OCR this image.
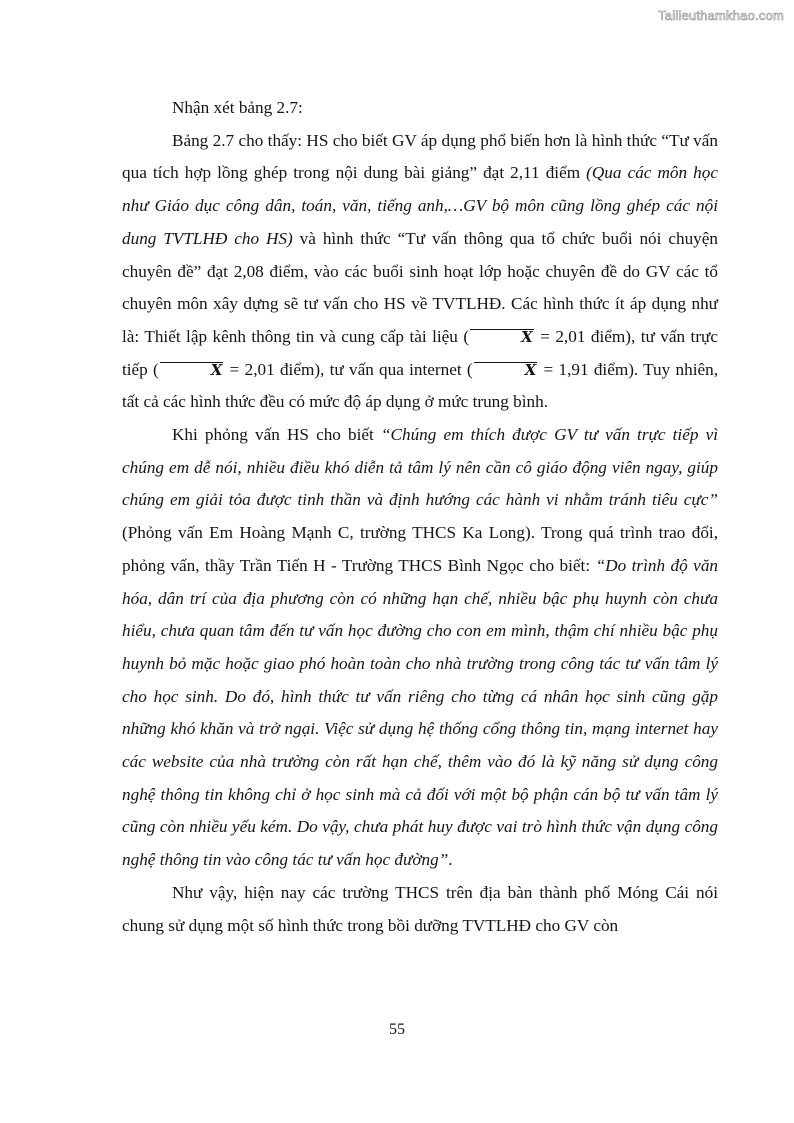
Tailieuthamkhao.com

Nhận xét bảng 2.7:

Bảng 2.7 cho thấy: HS cho biết GV áp dụng phổ biến hơn là hình thức “Tư vấn qua tích hợp lồng ghép trong nội dung bài giảng” đạt 2,11 điểm (Qua các môn học như Giáo dục công dân, toán, văn, tiếng anh,…GV bộ môn cũng lồng ghép các nội dung TVTLHĐ cho HS) và hình thức “Tư vấn thông qua tổ chức buổi nói chuyện chuyên đề” đạt 2,08 điểm, vào các buổi sinh hoạt lớp hoặc chuyên đề do GV các tổ chuyên môn xây dựng sẽ tư vấn cho HS về TVTLHĐ. Các hình thức ít áp dụng như là: Thiết lập kênh thông tin và cung cấp tài liệu (	X = 2,01 điểm), tư vấn trực tiếp (	X = 2,01 điểm), tư vấn qua internet (	X = 1,91 điểm). Tuy nhiên, tất cả các hình thức đều có mức độ áp dụng ở mức trung bình.

Khi phỏng vấn HS cho biết “Chúng em thích được GV tư vấn trực tiếp vì chúng em dễ nói, nhiều điều khó diễn tả tâm lý nên cần cô giáo động viên ngay, giúp chúng em giải tỏa được tinh thần và định hướng các hành vi nhằm tránh tiêu cực” (Phỏng vấn Em Hoàng Mạnh C, trường THCS Ka Long). Trong quá trình trao đổi, phỏng vấn, thầy Trần Tiến H - Trường THCS Bình Ngọc cho biết: “Do trình độ văn hóa, dân trí của địa phương còn có những hạn chế, nhiều bậc phụ huynh còn chưa hiểu, chưa quan tâm đến tư vấn học đường cho con em mình, thậm chí nhiều bậc phụ huynh bỏ mặc hoặc giao phó hoàn toàn cho nhà trường trong công tác tư vấn tâm lý cho học sinh. Do đó, hình thức tư vấn riêng cho từng cá nhân học sinh cũng gặp những khó khăn và trở ngại. Việc sử dụng hệ thống cổng thông tin, mạng internet hay các website của nhà trường còn rất hạn chế, thêm vào đó là kỹ năng sử dụng công nghệ thông tin không chỉ ở học sinh mà cả đối với một bộ phận cán bộ tư vấn tâm lý cũng còn nhiều yếu kém. Do vậy, chưa phát huy được vai trò hình thức vận dụng công nghệ thông tin vào công tác tư vấn học đường”.

Như vậy, hiện nay các trường THCS trên địa bàn thành phố Móng Cái nói chung sử dụng một số hình thức trong bồi dưỡng TVTLHĐ cho GV còn

55
